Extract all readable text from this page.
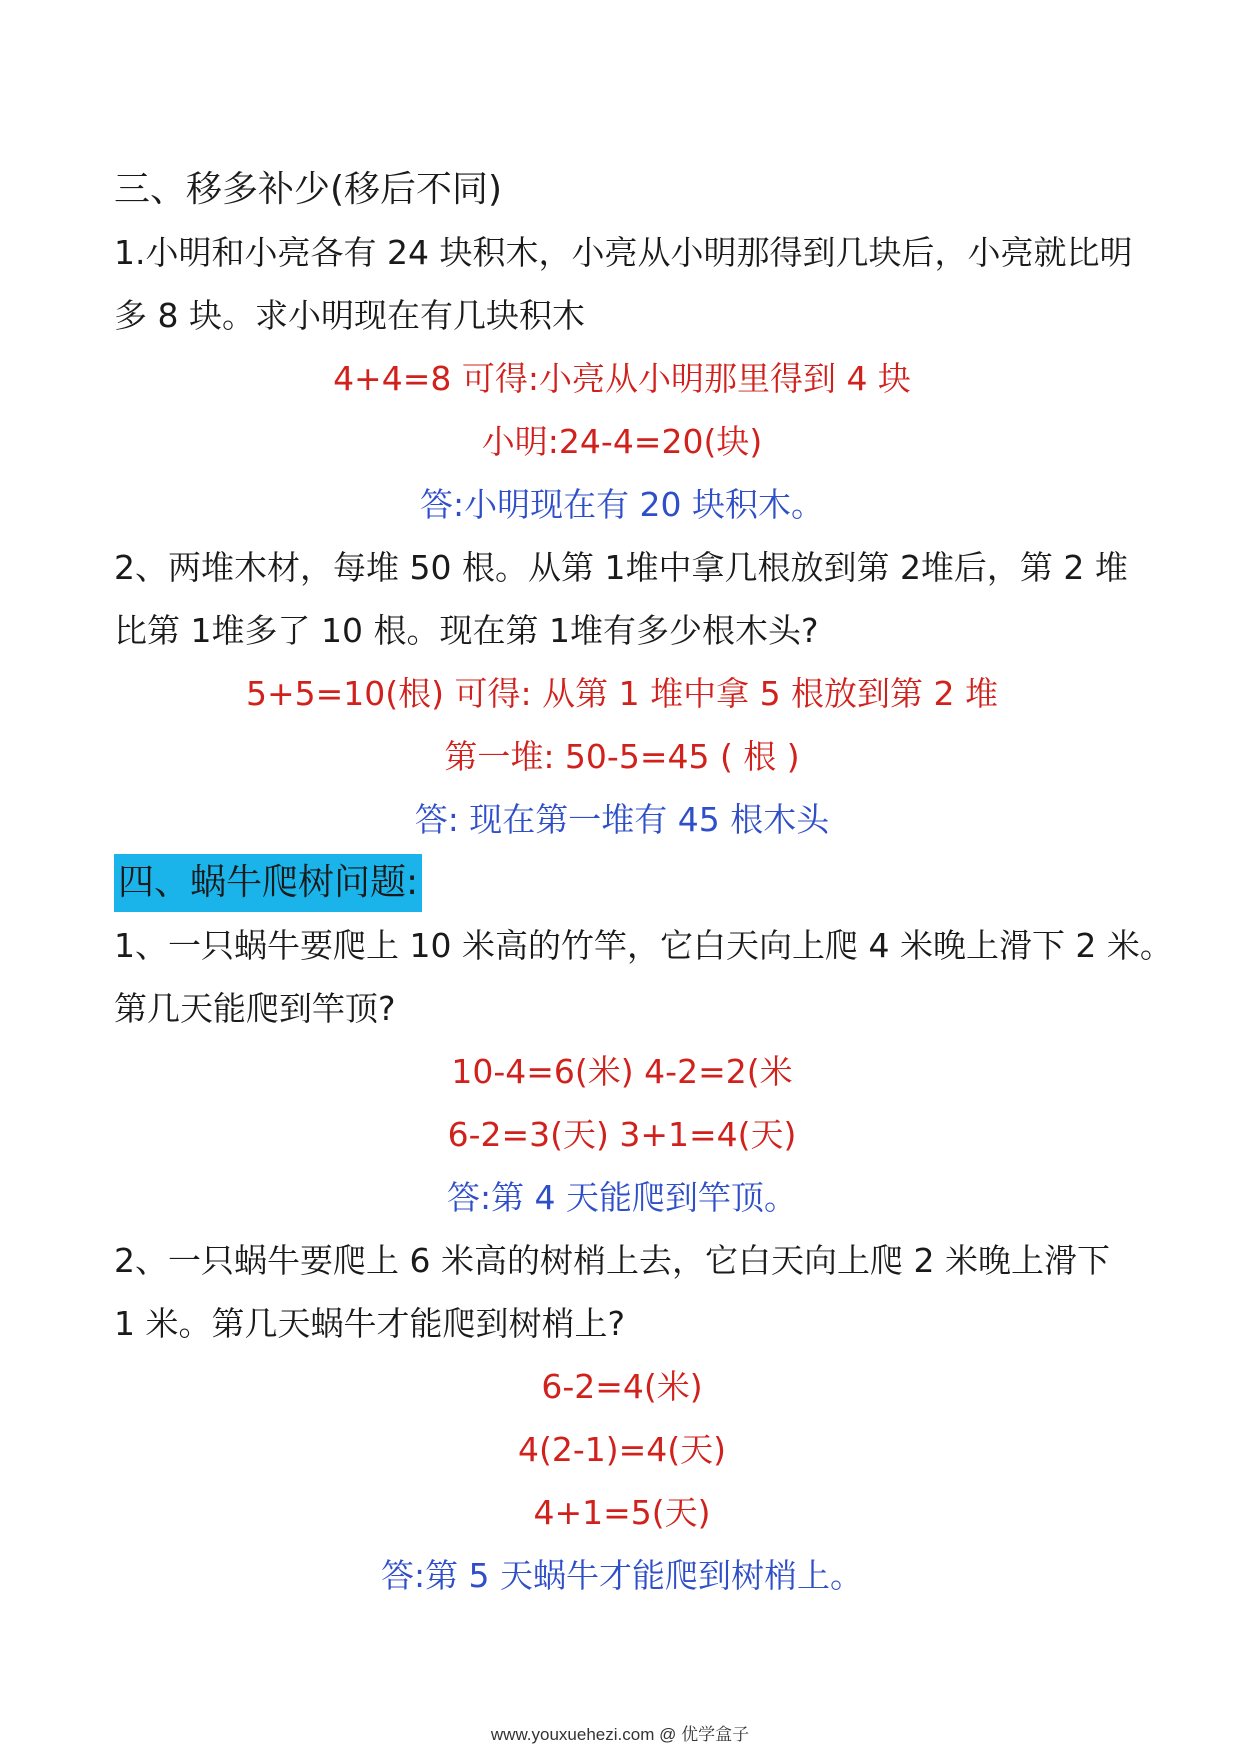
三、移多补少(移后不同)
1.小明和小亮各有 24 块积木，小亮从小明那得到几块后，小亮就比明
多 8 块。求小明现在有几块积木
4+4=8 可得:小亮从小明那里得到 4 块
小明:24-4=20(块)
答:小明现在有 20 块积木。
2、两堆木材，每堆 50 根。从第 1堆中拿几根放到第 2堆后，第 2 堆
比第 1堆多了 10 根。现在第 1堆有多少根木头?
5+5=10(根) 可得: 从第 1 堆中拿 5 根放到第 2 堆
第一堆: 50-5=45 ( 根 )
答: 现在第一堆有 45 根木头
四、蜗牛爬树问题:
1、一只蜗牛要爬上 10 米高的竹竿，它白天向上爬 4 米晚上滑下 2 米。
第几天能爬到竿顶?
10-4=6(米) 4-2=2(米
6-2=3(天) 3+1=4(天)
答:第 4 天能爬到竿顶。
2、一只蜗牛要爬上 6 米高的树梢上去，它白天向上爬 2 米晚上滑下
1 米。第几天蜗牛才能爬到树梢上?
6-2=4(米)
4(2-1)=4(天)
4+1=5(天)
答:第 5 天蜗牛才能爬到树梢上。
www.youxuehezi.com @ 优学盒子
